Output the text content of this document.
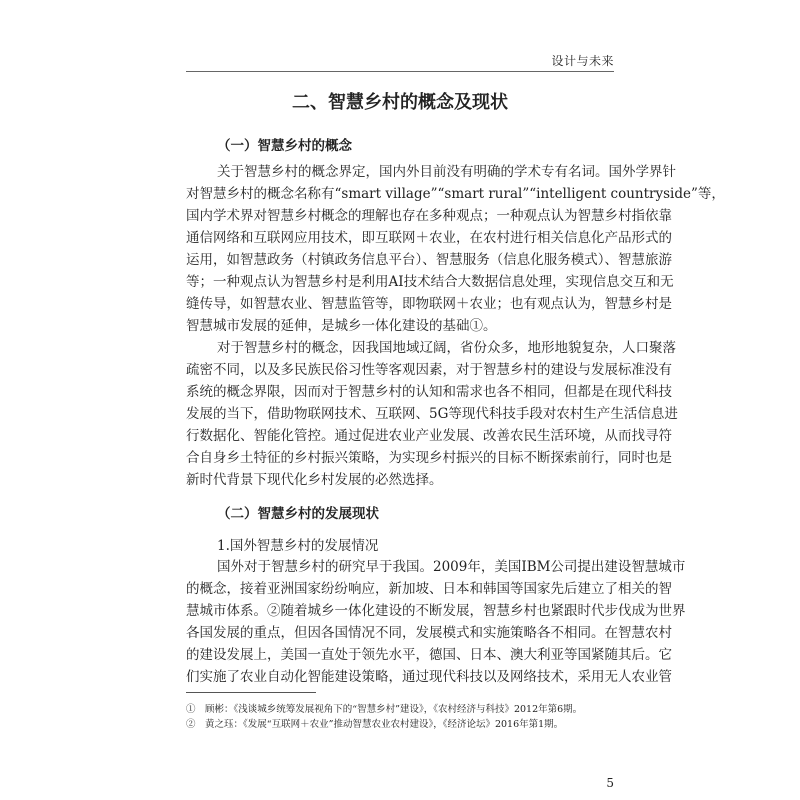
设计与未来
二、智慧乡村的概念及现状
（一）智慧乡村的概念
关于智慧乡村的概念界定，国内外目前没有明确的学术专有名词。国外学界针
对智慧乡村的概念名称有“smart village”“smart rural”“intelligent countryside”等，
国内学术界对智慧乡村概念的理解也存在多种观点；一种观点认为智慧乡村指依靠
通信网络和互联网应用技术，即互联网＋农业，在农村进行相关信息化产品形式的
运用，如智慧政务（村镇政务信息平台）、智慧服务（信息化服务模式）、智慧旅游
等；一种观点认为智慧乡村是利用AI技术结合大数据信息处理，实现信息交互和无
缝传导，如智慧农业、智慧监管等，即物联网＋农业；也有观点认为，智慧乡村是
智慧城市发展的延伸，是城乡一体化建设的基础①。
对于智慧乡村的概念，因我国地域辽阔，省份众多，地形地貌复杂，人口聚落
疏密不同，以及多民族民俗习性等客观因素，对于智慧乡村的建设与发展标准没有
系统的概念界限，因而对于智慧乡村的认知和需求也各不相同，但都是在现代科技
发展的当下，借助物联网技术、互联网、5G等现代科技手段对农村生产生活信息进
行数据化、智能化管控。通过促进农业产业发展、改善农民生活环境，从而找寻符
合自身乡土特征的乡村振兴策略，为实现乡村振兴的目标不断探索前行，同时也是
新时代背景下现代化乡村发展的必然选择。
（二）智慧乡村的发展现状
1.国外智慧乡村的发展情况
国外对于智慧乡村的研究早于我国。2009年，美国IBM公司提出建设智慧城市
的概念，接着亚洲国家纷纷响应，新加坡、日本和韩国等国家先后建立了相关的智
慧城市体系。②随着城乡一体化建设的不断发展，智慧乡村也紧跟时代步伐成为世界
各国发展的重点，但因各国情况不同，发展模式和实施策略各不相同。在智慧农村
的建设发展上，美国一直处于领先水平，德国、日本、澳大利亚等国紧随其后。它
们实施了农业自动化智能建设策略，通过现代科技以及网络技术，采用无人农业管
①　顾彬：《浅谈城乡统筹发展视角下的“智慧乡村”建设》，《农村经济与科技》2012年第6期。
②　黄之珏：《发展“互联网＋农业”推动智慧农业农村建设》，《经济论坛》2016年第1期。
5
